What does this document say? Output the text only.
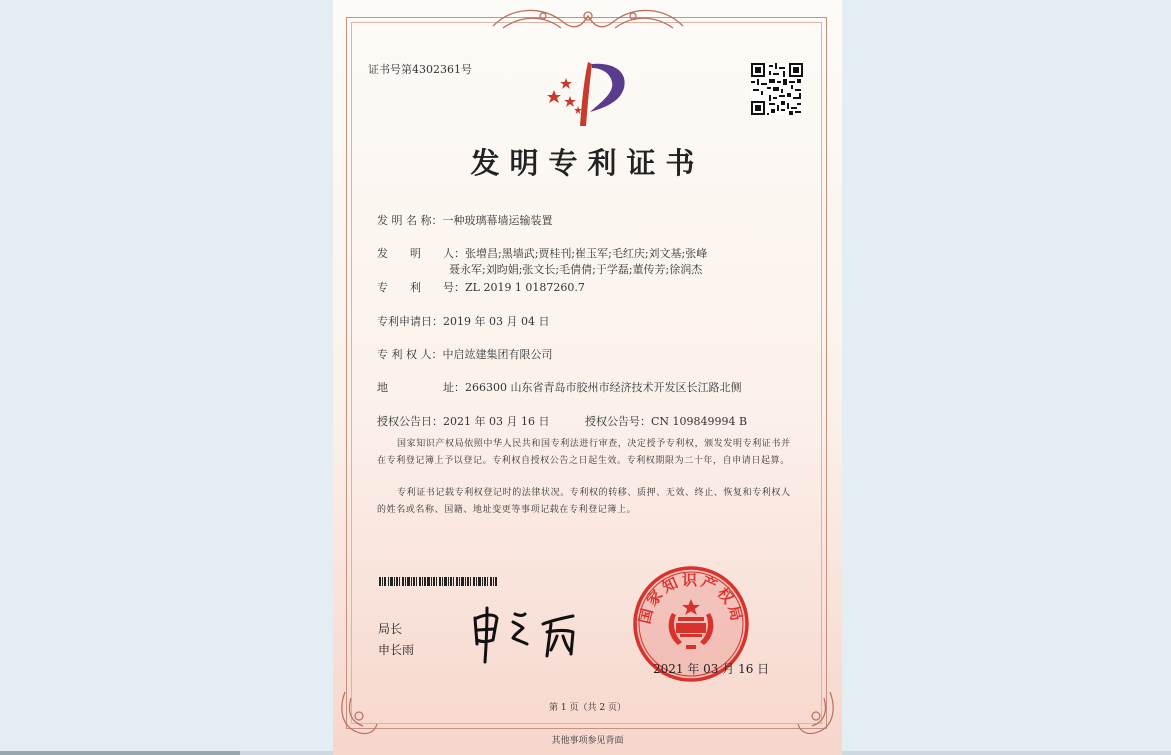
证书号第4302361号
发明专利证书
发 明 名 称：一种玻璃幕墙运输装置
发　　明　　人：张增昌;黑墙武;贾桂刊;崔玉军;毛红庆;刘文基;张峰
聂永军;刘昀娟;张文长;毛倩倩;于学磊;董传芳;徐润杰
专　　利　　号：ZL 2019 1 0187260.7
专利申请日：2019 年 03 月 04 日
专 利 权 人：中启竑建集团有限公司
地　　　　　址：266300 山东省青岛市胶州市经济技术开发区长江路北侧
授权公告日：2021 年 03 月 16 日	授权公告号：CN 109849994 B
国家知识产权局依照中华人民共和国专利法进行审查，决定授予专利权，颁发发明专利证书并在专利登记簿上予以登记。专利权自授权公告之日起生效。专利权期限为二十年，自申请日起算。
专利证书记载专利权登记时的法律状况。专利权的转移、质押、无效、终止、恢复和专利权人的姓名或名称、国籍、地址变更等事项记载在专利登记簿上。
局长
申长雨
国家知识产权局
2021 年 03 月 16 日
第 1 页（共 2 页）
其他事项参见背面
